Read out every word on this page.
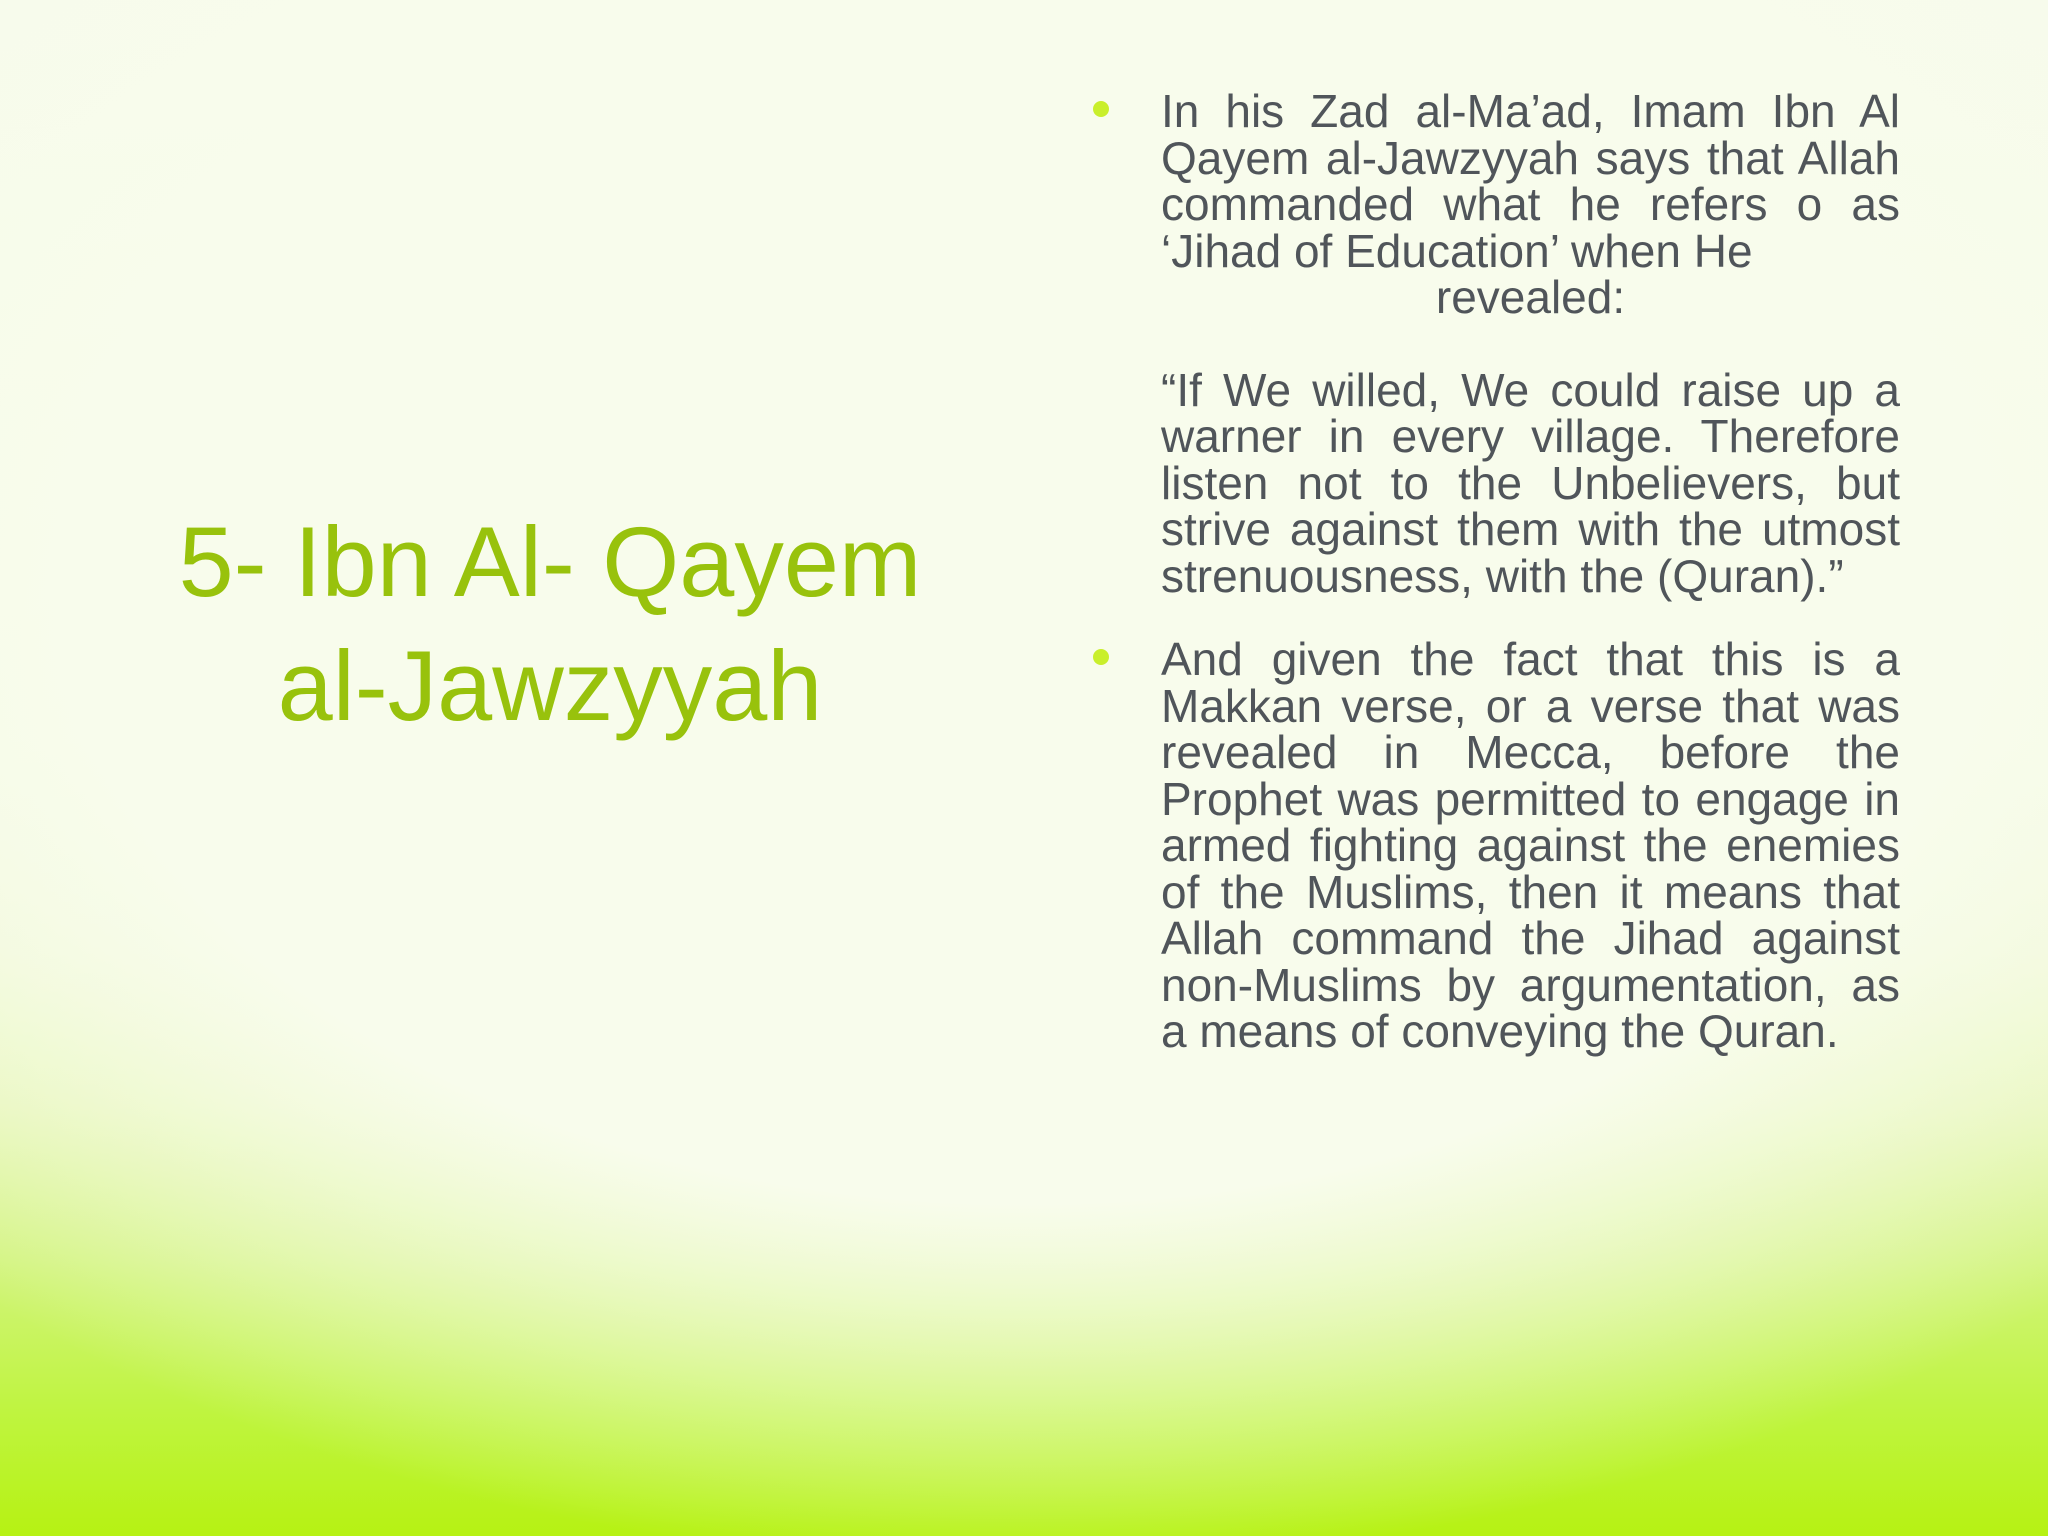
5- Ibn Al- Qayem
al-Jawzyyah

In his Zad al-Ma’ad, Imam Ibn Al Qayem al-Jawzyyah says that Allah commanded what he refers o as ‘Jihad of Education’ when He

revealed:

“If We willed, We could raise up a warner in every village. Therefore listen not to the Unbelievers, but strive against them with the utmost strenuousness, with the (Quran).”

And given the fact that this is a Makkan verse, or a verse that was revealed in Mecca, before the Prophet was permitted to engage in armed fighting against the enemies of the Muslims, then it means that Allah command the Jihad against non-Muslims by argumentation, as a means of conveying the Quran.
